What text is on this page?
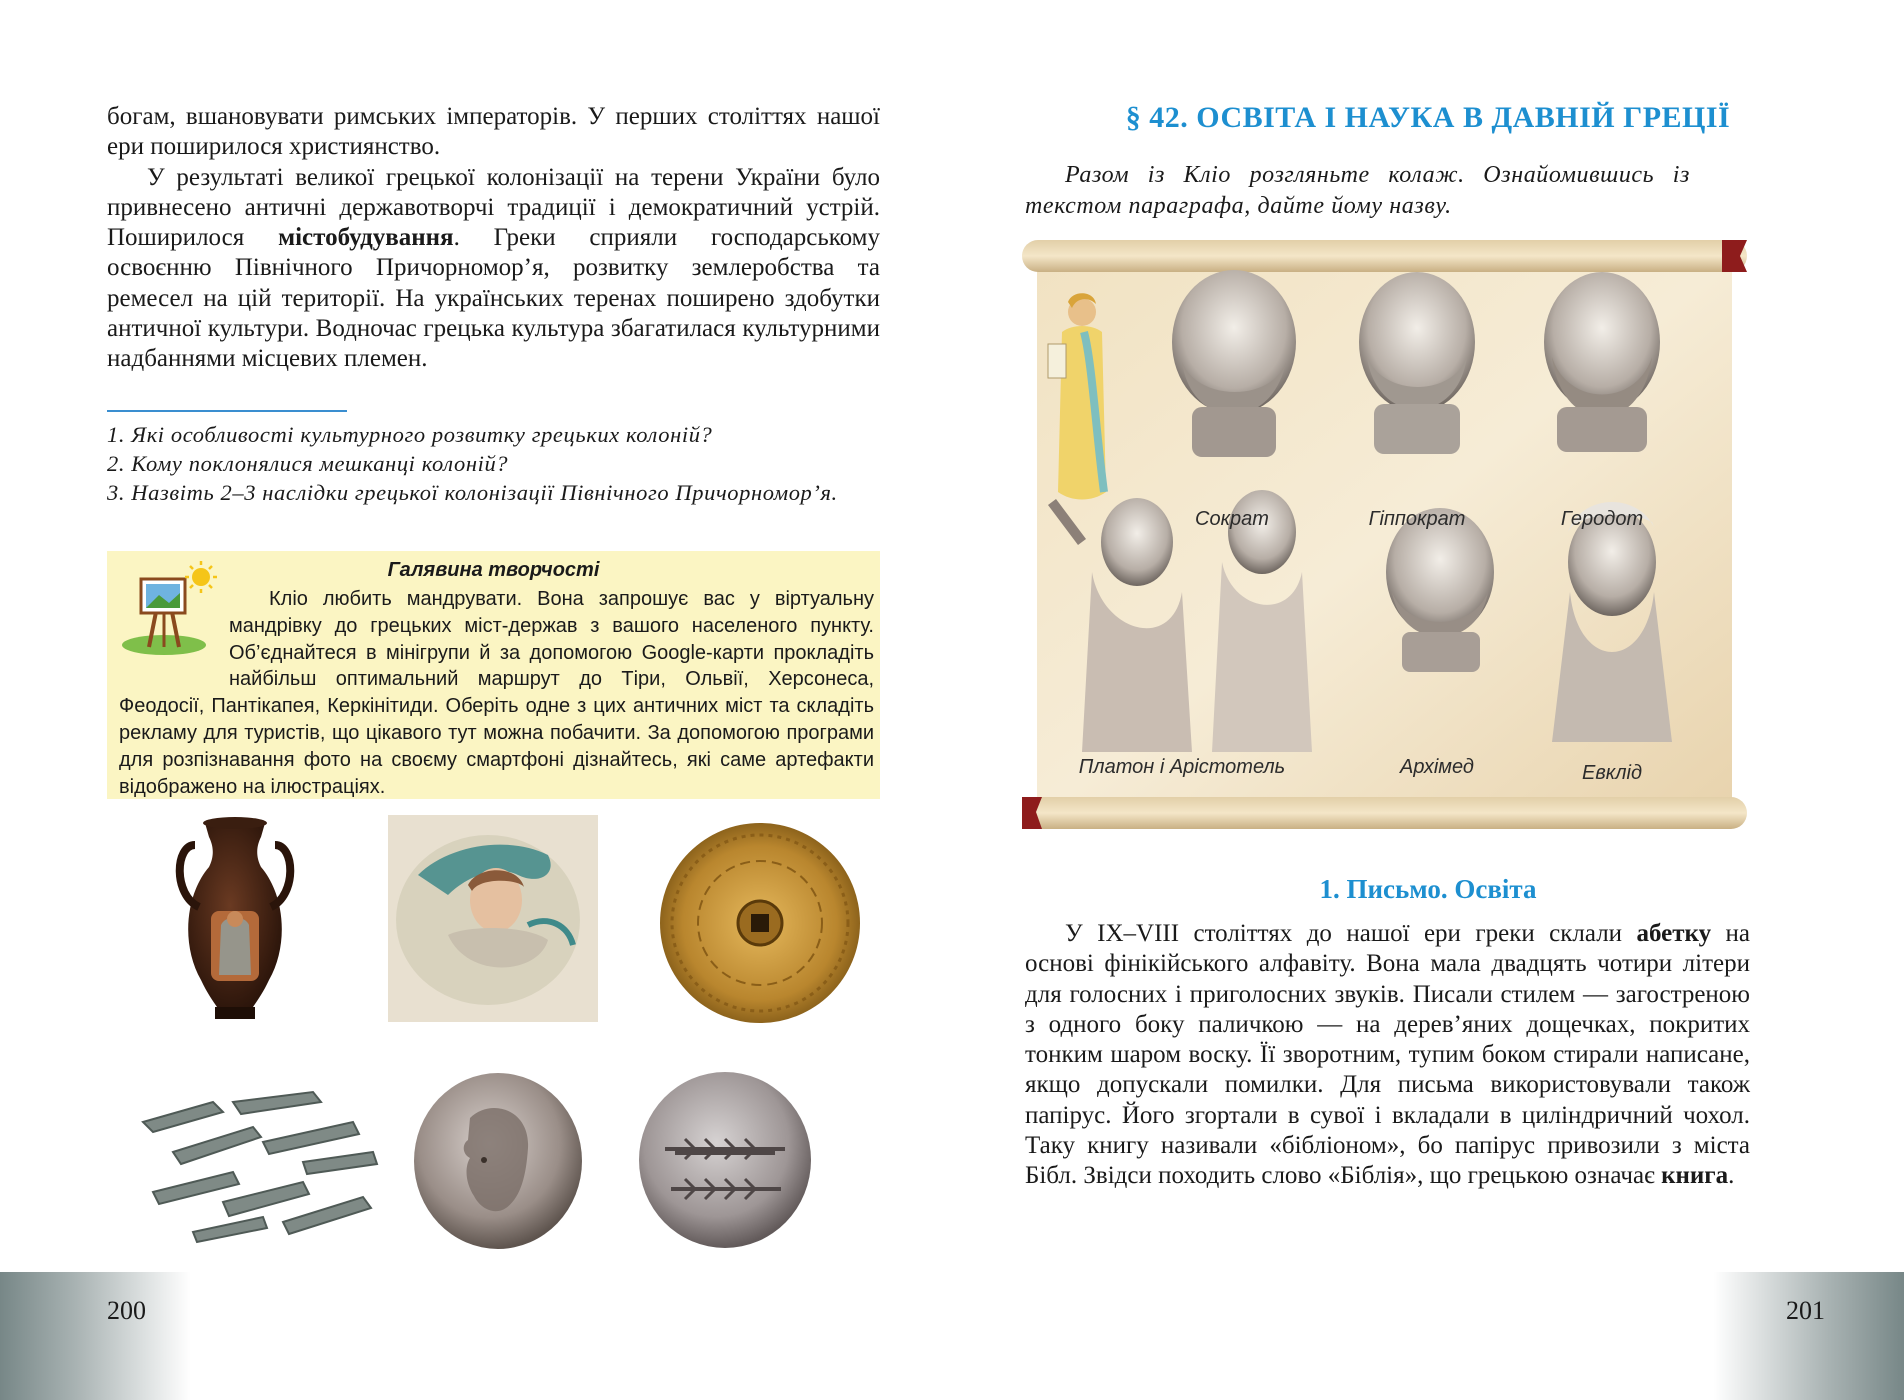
богам, вшановувати римських імператорів. У перших століттях нашої ери поширилося християнство.

У результаті великої грецької колонізації на терени України було привнесено античні державотворчі традиції і демократичний устрій. Поширилося містобудування. Греки сприяли господарському освоєнню Північного Причорномор’я, розвитку землеробства та ремесел на цій території. На українських теренах поширено здобутки античної культури. Водночас грецька культура збагатилася культурними надбаннями місцевих племен.

1. Які особливості культурного розвитку грецьких колоній?

2. Кому поклонялися мешканці колоній?

3. Назвіть 2–3 наслідки грецької колонізації Північного Причорномор’я.

Галявина творчості
Кліо любить мандрувати. Вона запрошує вас у віртуальну мандрівку до грецьких міст-держав з вашого населеного пункту. Об’єднайтеся в мінігрупи й за допомогою Google-карти прокладіть найбільш оптимальний маршрут до Тіри, Ольвії, Херсонеса, Феодосії, Пантікапея, Керкінітиди. Оберіть одне з цих античних міст та складіть рекламу для туристів, що цікавого тут можна побачити. За допомогою програми для розпізнавання фото на своєму смартфоні дізнайтесь, які саме артефакти відображено на ілюстраціях.
200
§ 42. ОСВІТА І НАУКА В ДАВНІЙ ГРЕЦІЇ
Разом із Кліо розгляньте колаж. Ознайомившись із текстом параграфа, дайте йому назву.
Сократ	Гіппократ	Геродот
Платон і Арістотель	Архімед	Евклід
1. Письмо. Освіта

У IX–VIII століттях до нашої ери греки склали абетку на основі фінікійського алфавіту. Вона мала двадцять чотири літери для голосних і приголосних звуків. Писали стилем — загостреною з одного боку паличкою — на дерев’яних дощечках, покритих тонким шаром воску. Її зворотним, тупим боком стирали написане, якщо допускали помилки. Для письма використовували також папірус. Його згортали в сувої і вкладали в циліндричний чохол. Таку книгу називали «бібліоном», бо папірус привозили з міста Бібл. Звідси походить слово «Біблія», що грецькою означає книга.

201
